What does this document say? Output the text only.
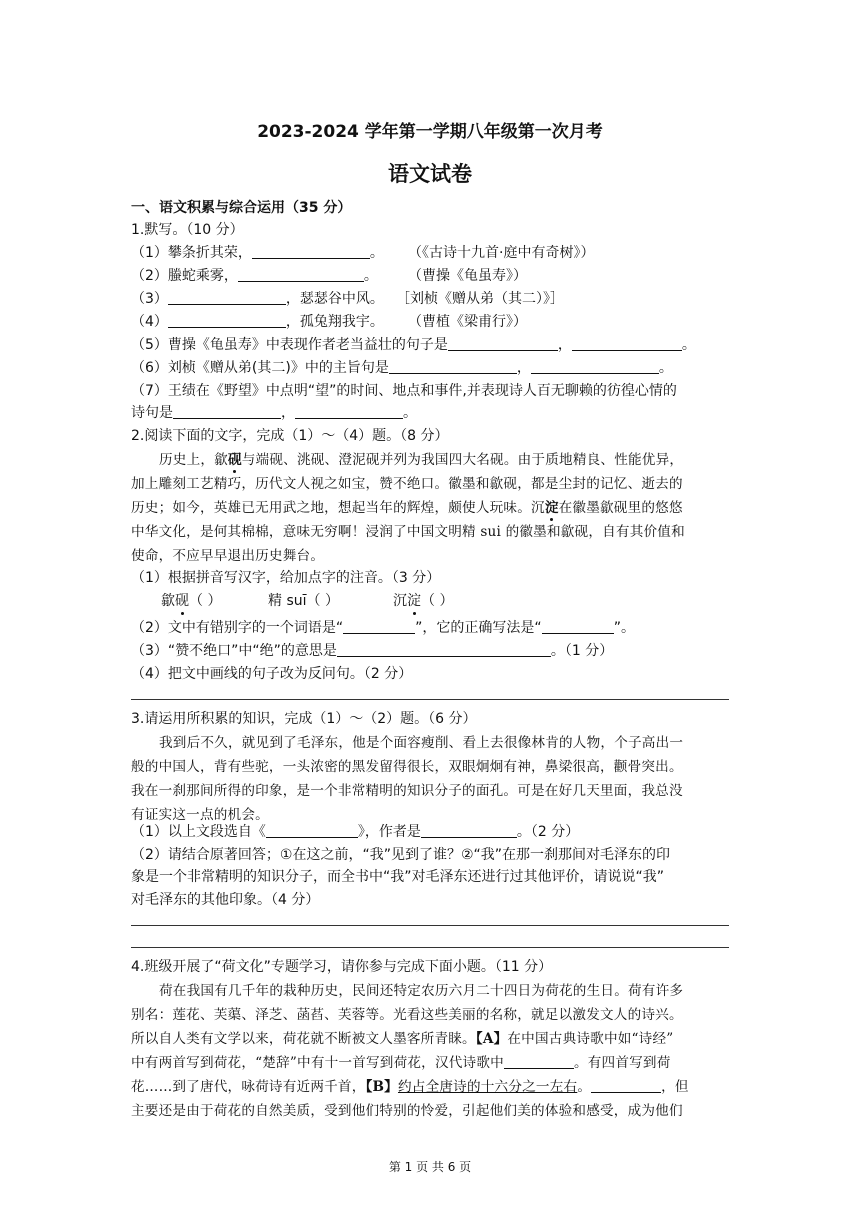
2023-2024 学年第一学期八年级第一次月考
语文试卷
一、语文积累与综合运用（35 分）
1.默写。（10 分）
（1）攀条折其荣，	。 （《古诗十九首·庭中有奇树》）
（2）螣蛇乘雾，	。 （曹操《龟虽寿》）
（3）	，瑟瑟谷中风。 ［刘桢《赠从弟（其二）》］
（4）	，孤兔翔我宇。 （曹植《梁甫行》）
（5）曹操《龟虽寿》中表现作者老当益壮的句子是	，	。
（6）刘桢《赠从弟(其二)》中的主旨句是	，	。
（7）王绩在《野望》中点明“望”的时间、地点和事件,并表现诗人百无聊赖的彷徨心情的
诗句是	，	。
2.阅读下面的文字，完成（1）～（4）题。（8 分）
历史上，歙砚与端砚、洮砚、澄泥砚并列为我国四大名砚。由于质地精良、性能优异，
加上雕刻工艺精巧，历代文人视之如宝，赞不绝口。徽墨和歙砚，都是尘封的记忆、逝去的
历史；如今，英雄已无用武之地，想起当年的辉煌，颇使人玩味。沉淀在徽墨歙砚里的悠悠
中华文化，是何其棉棉，意味无穷啊！浸润了中国文明精 sui 的徽墨和歙砚，自有其价值和
使命，不应早早退出历史舞台。
（1）根据拼音写汉字，给加点字的注音。（3 分）
歙砚（ ）	精 suī（ ）	沉淀（ ）
（2）文中有错别字的一个词语是“	”，它的正确写法是“	”。
（3）“赞不绝口”中“绝”的意思是	。（1 分）
（4）把文中画线的句子改为反问句。（2 分）
3.请运用所积累的知识，完成（1）～（2）题。（6 分）
我到后不久，就见到了毛泽东，他是个面容瘦削、看上去很像林肯的人物，个子高出一
般的中国人，背有些驼，一头浓密的黑发留得很长，双眼炯炯有神，鼻梁很高，颧骨突出。
我在一刹那间所得的印象，是一个非常精明的知识分子的面孔。可是在好几天里面，我总没
有证实这一点的机会。
（1）以上文段选自《	》，作者是	。（2 分）
（2）请结合原著回答；①在这之前，“我”见到了谁？②“我”在那一刹那间对毛泽东的印
象是一个非常精明的知识分子，而全书中“我”对毛泽东还进行过其他评价，请说说“我”
对毛泽东的其他印象。（4 分）
4.班级开展了“荷文化”专题学习，请你参与完成下面小题。（11 分）
荷在我国有几千年的栽种历史，民间还特定农历六月二十四日为荷花的生日。荷有许多
别名：莲花、芙蕖、泽芝、菡萏、芙蓉等。光看这些美丽的名称，就足以激发文人的诗兴。
所以自人类有文学以来，荷花就不断被文人墨客所青睐。【A】在中国古典诗歌中如“诗经”
中有两首写到荷花，“楚辞”中有十一首写到荷花，汉代诗歌中	。有四首写到荷
花……到了唐代，咏荷诗有近两千首，【B】约占全唐诗的十六分之一左右。	，但
主要还是由于荷花的自然美质，受到他们特别的怜爱，引起他们美的体验和感受，成为他们
第 1 页 共 6 页
